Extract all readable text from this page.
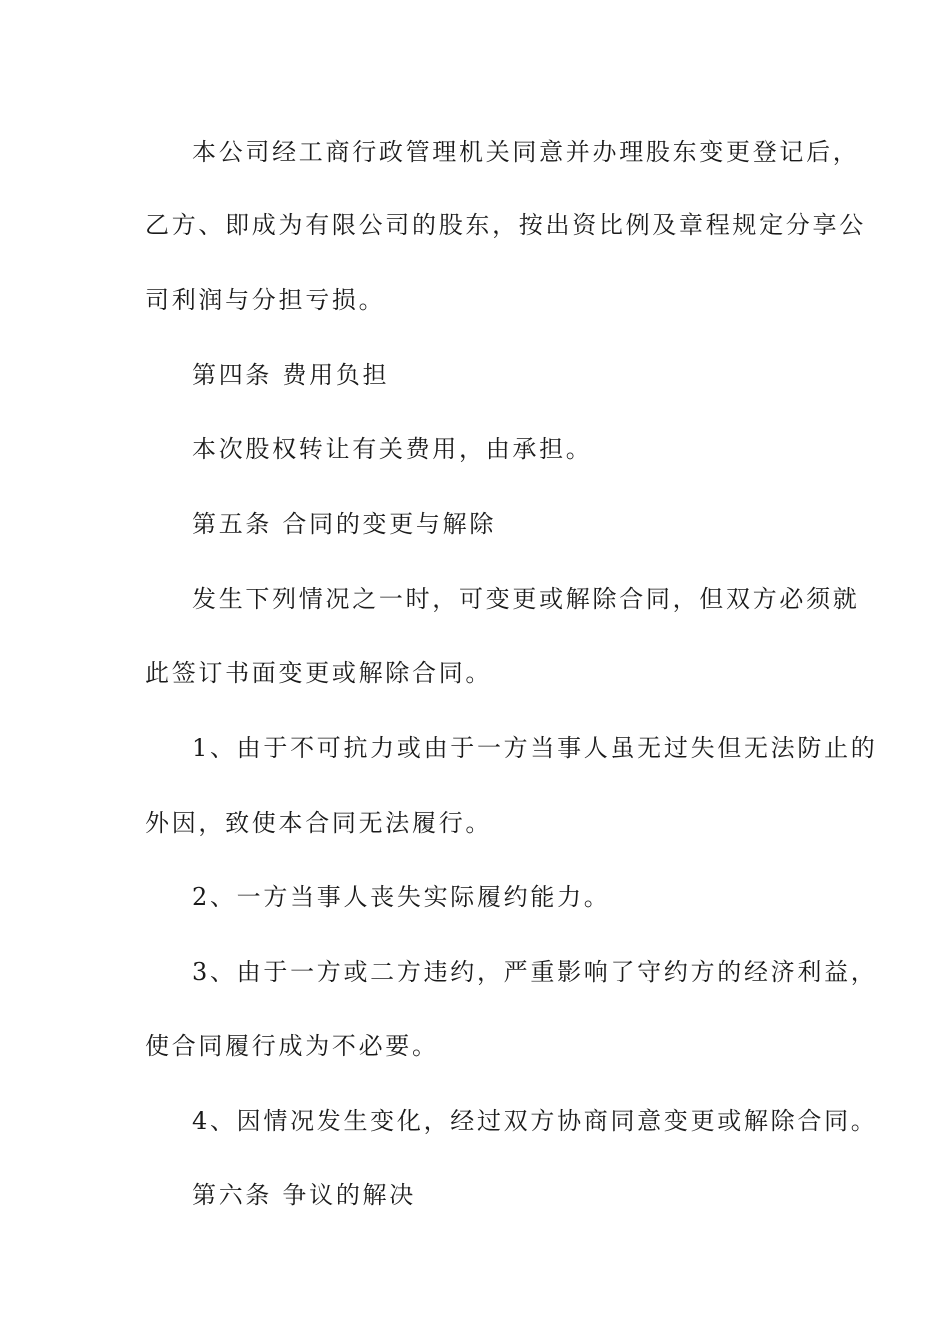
本公司经工商行政管理机关同意并办理股东变更登记后，
乙方、即成为有限公司的股东，按出资比例及章程规定分享公
司利润与分担亏损。
第四条 费用负担
本次股权转让有关费用，由承担。
第五条 合同的变更与解除
发生下列情况之一时，可变更或解除合同，但双方必须就
此签订书面变更或解除合同。
1、由于不可抗力或由于一方当事人虽无过失但无法防止的
外因，致使本合同无法履行。
2、一方当事人丧失实际履约能力。
3、由于一方或二方违约，严重影响了守约方的经济利益，
使合同履行成为不必要。
4、因情况发生变化，经过双方协商同意变更或解除合同。
第六条 争议的解决
